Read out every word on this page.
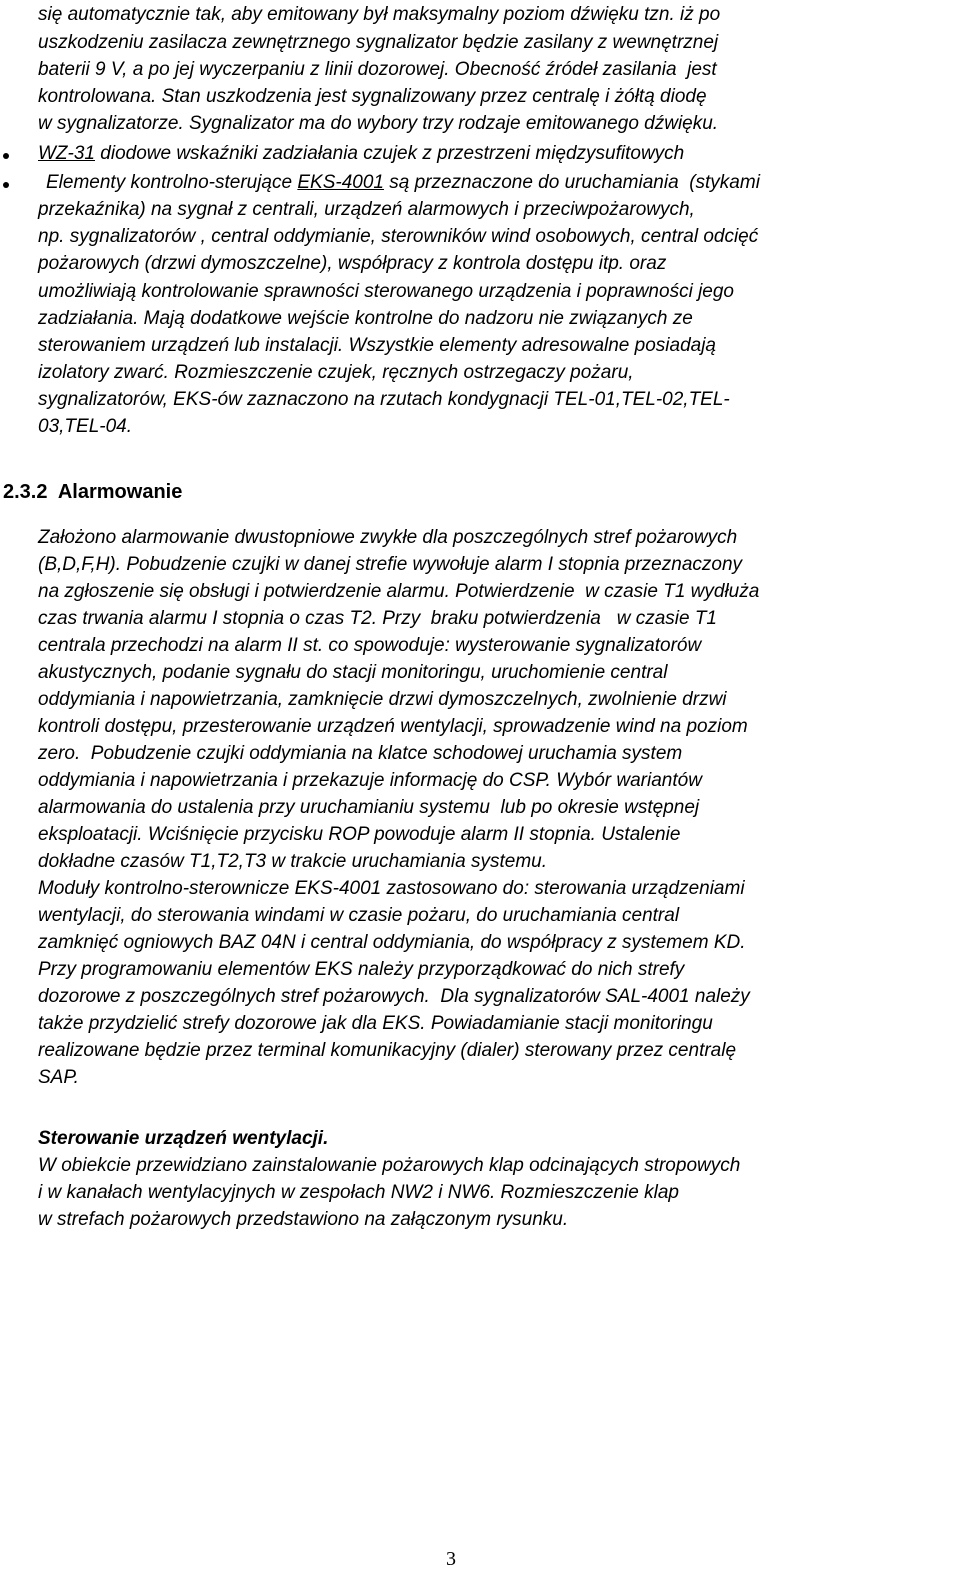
się automatycznie tak, aby emitowany był maksymalny poziom dźwięku tzn. iż po
uszkodzeniu zasilacza zewnętrznego sygnalizator będzie zasilany z wewnętrznej
baterii 9 V, a po jej wyczerpaniu z linii dozorowej. Obecność źródeł zasilania  jest
kontrolowana. Stan uszkodzenia jest sygnalizowany przez centralę i żółtą diodę
w sygnalizatorze. Sygnalizator ma do wybory trzy rodzaje emitowanego dźwięku.
WZ-31 diodowe wskaźniki zadziałania czujek z przestrzeni międzysufitowych
Elementy kontrolno-sterujące EKS-4001 są przeznaczone do uruchamiania  (stykami
przekaźnika) na sygnał z centrali, urządzeń alarmowych i przeciwpożarowych,
np. sygnalizatorów , central oddymianie, sterowników wind osobowych, central odcięć
pożarowych (drzwi dymoszczelne), współpracy z kontrola dostępu itp. oraz
umożliwiają kontrolowanie sprawności sterowanego urządzenia i poprawności jego
zadziałania. Mają dodatkowe wejście kontrolne do nadzoru nie związanych ze
sterowaniem urządzeń lub instalacji. Wszystkie elementy adresowalne posiadają
izolatory zwarć. Rozmieszczenie czujek, ręcznych ostrzegaczy pożaru,
sygnalizatorów, EKS-ów zaznaczono na rzutach kondygnacji TEL-01,TEL-02,TEL-
03,TEL-04.
2.3.2 Alarmowanie
Założono alarmowanie dwustopniowe zwykłe dla poszczególnych stref pożarowych
(B,D,F,H). Pobudzenie czujki w danej strefie wywołuje alarm I stopnia przeznaczony
na zgłoszenie się obsługi i potwierdzenie alarmu. Potwierdzenie  w czasie T1 wydłuża
czas trwania alarmu I stopnia o czas T2. Przy  braku potwierdzenia   w czasie T1
centrala przechodzi na alarm II st. co spowoduje: wysterowanie sygnalizatorów
akustycznych, podanie sygnału do stacji monitoringu, uruchomienie central
oddymiania i napowietrzania, zamknięcie drzwi dymoszczelnych, zwolnienie drzwi
kontroli dostępu, przesterowanie urządzeń wentylacji, sprowadzenie wind na poziom
zero.  Pobudzenie czujki oddymiania na klatce schodowej uruchamia system
oddymiania i napowietrzania i przekazuje informację do CSP. Wybór wariantów
alarmowania do ustalenia przy uruchamianiu systemu  lub po okresie wstępnej
eksploatacji. Wciśnięcie przycisku ROP powoduje alarm II stopnia. Ustalenie
dokładne czasów T1,T2,T3 w trakcie uruchamiania systemu.
Moduły kontrolno-sterownicze EKS-4001 zastosowano do: sterowania urządzeniami
wentylacji, do sterowania windami w czasie pożaru, do uruchamiania central
zamknięć ogniowych BAZ 04N i central oddymiania, do współpracy z systemem KD.
Przy programowaniu elementów EKS należy przyporządkować do nich strefy
dozorowe z poszczególnych stref pożarowych.  Dla sygnalizatorów SAL-4001 należy
także przydzielić strefy dozorowe jak dla EKS. Powiadamianie stacji monitoringu
realizowane będzie przez terminal komunikacyjny (dialer) sterowany przez centralę
SAP.
Sterowanie urządzeń wentylacji.
W obiekcie przewidziano zainstalowanie pożarowych klap odcinających stropowych
i w kanałach wentylacyjnych w zespołach NW2 i NW6. Rozmieszczenie klap
w strefach pożarowych przedstawiono na załączonym rysunku.
3
